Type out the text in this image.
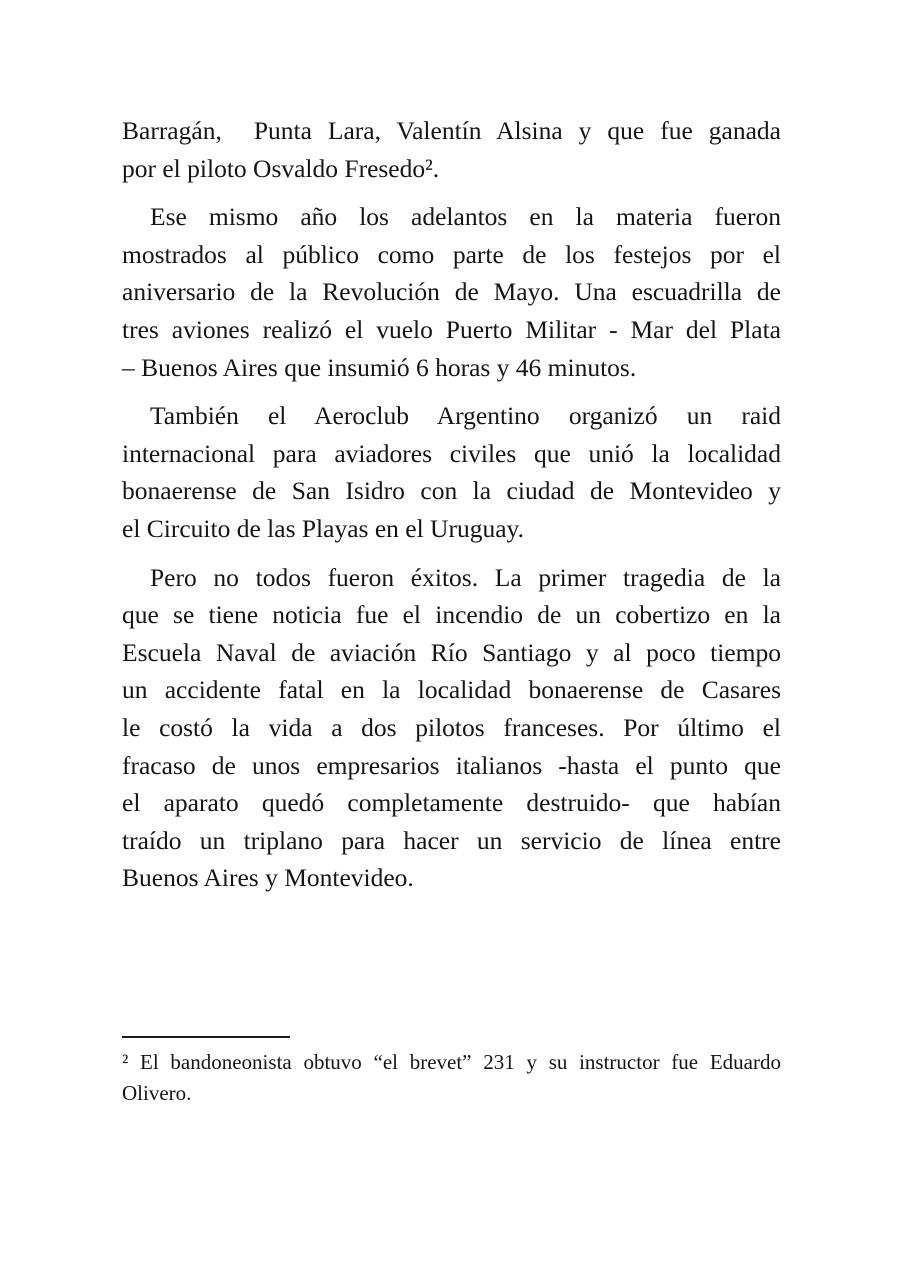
Barragán,  Punta Lara, Valentín Alsina y que fue ganada
por el piloto Osvaldo Fresedo².
Ese mismo año los adelantos en la materia fueron
mostrados al público como parte de los festejos por el
aniversario de la Revolución de Mayo. Una escuadrilla de
tres aviones realizó el vuelo Puerto Militar - Mar del Plata
– Buenos Aires que insumió 6 horas y 46 minutos.
También el Aeroclub Argentino organizó un raid
internacional para aviadores civiles que unió la localidad
bonaerense de San Isidro con la ciudad de Montevideo y
el Circuito de las Playas en el Uruguay.
Pero no todos fueron éxitos. La primer tragedia de la
que se tiene noticia fue el incendio de un cobertizo en la
Escuela Naval de aviación Río Santiago y al poco tiempo
un accidente fatal en la localidad bonaerense de Casares
le costó la vida a dos pilotos franceses. Por último el
fracaso de unos empresarios italianos -hasta el punto que
el aparato quedó completamente destruido- que habían
traído un triplano para hacer un servicio de línea entre
Buenos Aires y Montevideo.
² El bandoneonista obtuvo “el brevet” 231 y su instructor fue Eduardo
Olivero.
